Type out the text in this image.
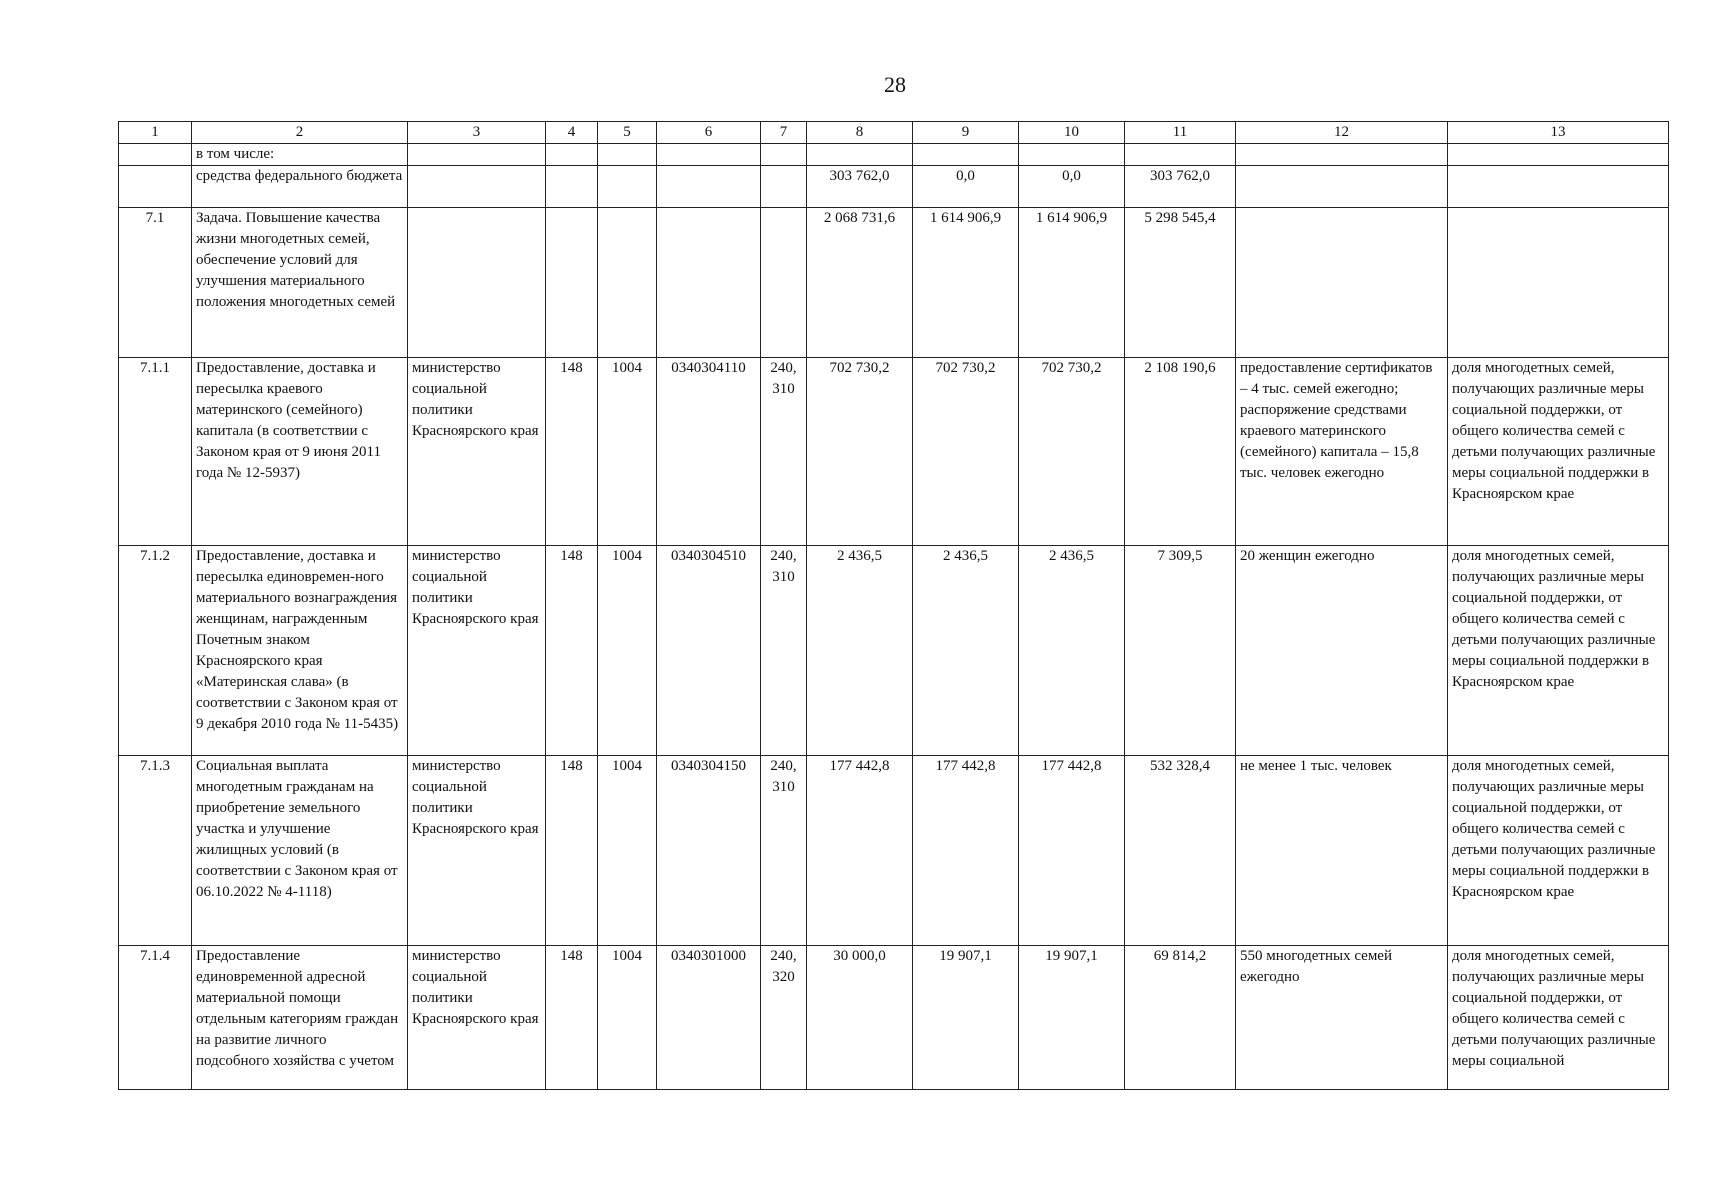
28
1	2	3	4	5	6	7	8	9	10	11	12	13
	в том числе:											
	средства федерального бюджета						303 762,0	0,0	0,0	303 762,0		
7.1	Задача. Повышение качества жизни многодетных семей, обеспечение условий для улучшения материального положения многодетных семей						2 068 731,6	1 614 906,9	1 614 906,9	5 298 545,4		
7.1.1	Предоставление, доставка и пересылка краевого материнского (семейного) капитала (в соответствии с Законом края от 9 июня 2011 года № 12-5937)	министерство социальной политики Красноярского края	148	1004	0340304110	240, 310	702 730,2	702 730,2	702 730,2	2 108 190,6	предоставление сертификатов – 4 тыс. семей ежегодно; распоряжение средствами краевого материнского (семейного) капитала – 15,8 тыс. человек ежегодно	доля многодетных семей, получающих различные меры социальной поддержки, от общего количества семей с детьми получающих различные меры социальной поддержки в Красноярском крае
7.1.2	Предоставление, доставка и пересылка единовремен-ного материального вознаграждения женщинам, награжденным Почетным знаком Красноярского края «Материнская слава» (в соответствии с Законом края от 9 декабря 2010 года № 11-5435)	министерство социальной политики Красноярского края	148	1004	0340304510	240, 310	2 436,5	2 436,5	2 436,5	7 309,5	20 женщин ежегодно	доля многодетных семей, получающих различные меры социальной поддержки, от общего количества семей с детьми получающих различные меры социальной поддержки в Красноярском крае
7.1.3	Социальная выплата многодетным гражданам на приобретение земельного участка и улучшение жилищных условий (в соответствии с Законом края от 06.10.2022 № 4-1118)	министерство социальной политики Красноярского края	148	1004	0340304150	240, 310	177 442,8	177 442,8	177 442,8	532 328,4	не менее 1 тыс. человек	доля многодетных семей, получающих различные меры социальной поддержки, от общего количества семей с детьми получающих различные меры социальной поддержки в Красноярском крае
7.1.4	Предоставление единовременной адресной материальной помощи отдельным категориям граждан на развитие личного подсобного хозяйства с учетом	министерство социальной политики Красноярского края	148	1004	0340301000	240, 320	30 000,0	19 907,1	19 907,1	69 814,2	550 многодетных семей ежегодно	доля многодетных семей, получающих различные меры социальной поддержки, от общего количества семей с детьми получающих различные меры социальной
